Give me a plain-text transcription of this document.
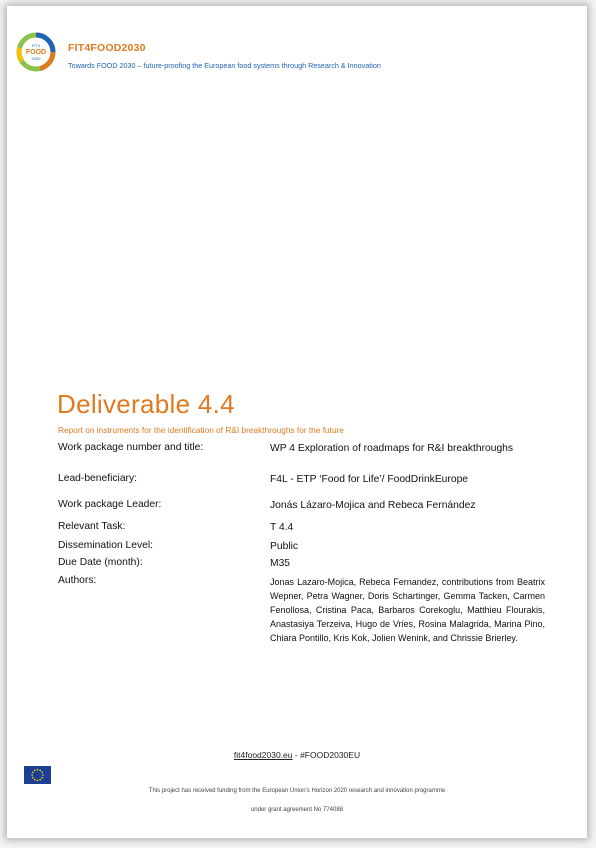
FIT4
FOOD
2030
FIT4FOOD2030
Towards FOOD 2030 – future-proofing the European food systems through Research & Innovation
Deliverable 4.4
Report on instruments for the identification of R&I breakthroughs for the future
Work package number and title:	WP 4 Exploration of roadmaps for R&I breakthroughs
Lead-beneficiary:	F4L - ETP ‘Food for Life’/ FoodDrinkEurope
Work package Leader:	Jonás Lázaro-Mojica and Rebeca Fernández
Relevant Task:	T 4.4
Dissemination Level:	Public
Due Date (month):	M35
Authors:	Jonas Lazaro-Mojica, Rebeca Fernandez, contributions from Beatrix Wepner, Petra Wagner, Doris Schartinger, Gemma Tacken, Carmen Fenollosa, Cristina Paca, Barbaros Corekoglu, Matthieu Flourakis, Anastasiya Terzeiva, Hugo de Vries, Rosina Malagrida, Marina Pino, Chiara Pontillo, Kris Kok, Jolien Wenink, and Chrissie Brierley.
fit4food2030.eu - #FOOD2030EU
This project has received funding from the European Union’s Horizon 2020 research and innovation programme
under grant agreement No 774088
